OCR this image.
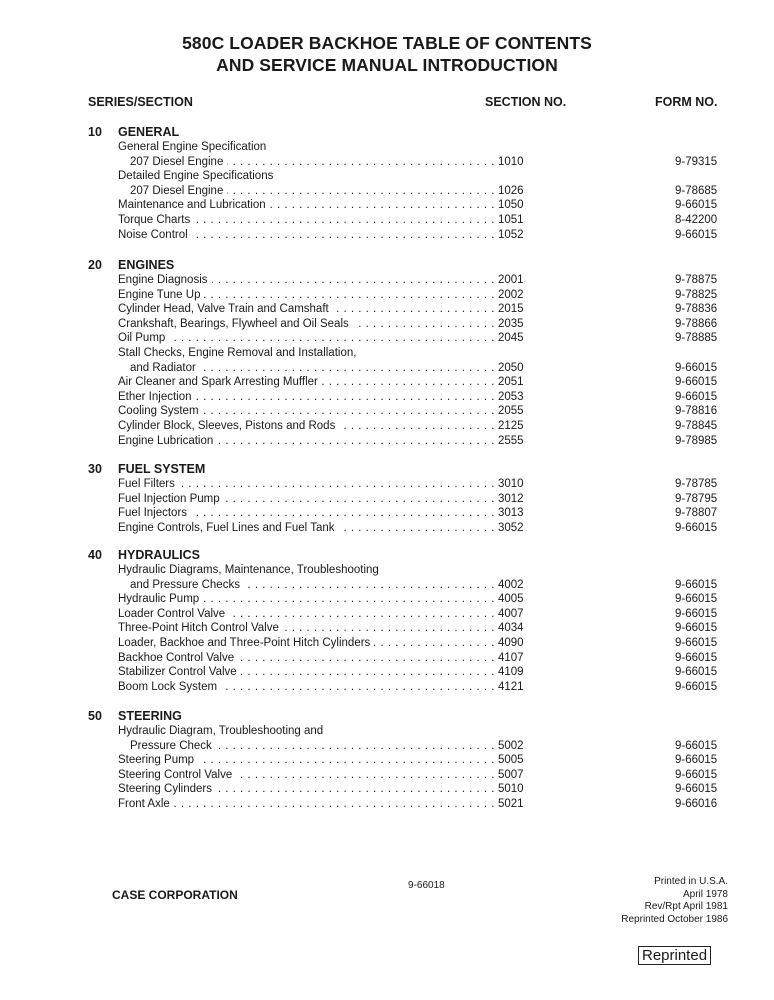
580C LOADER BACKHOE TABLE OF CONTENTS
AND SERVICE MANUAL INTRODUCTION
SERIES/SECTION	SECTION NO.	FORM NO.
10 GENERAL
General Engine Specification
207 Diesel Engine . . .	1010	9-79315
Detailed Engine Specifications
207 Diesel Engine . . .	1026	9-78685
Maintenance and Lubrication . . .	1050	9-66015
Torque Charts . . .	1051	8-42200
Noise Control . . .	1052	9-66015
20 ENGINES
Engine Diagnosis . . .	2001	9-78875
Engine Tune Up . . .	2002	9-78825
Cylinder Head, Valve Train and Camshaft . . .	2015	9-78836
Crankshaft, Bearings, Flywheel and Oil Seals . . .	2035	9-78866
Oil Pump . . .	2045	9-78885
Stall Checks, Engine Removal and Installation,
and Radiator . . .	2050	9-66015
Air Cleaner and Spark Arresting Muffler . . .	2051	9-66015
Ether Injection . . .	2053	9-66015
Cooling System . . .	2055	9-78816
Cylinder Block, Sleeves, Pistons and Rods . . .	2125	9-78845
Engine Lubrication . . .	2555	9-78985
30 FUEL SYSTEM
Fuel Filters . . .	3010	9-78785
Fuel Injection Pump . . .	3012	9-78795
Fuel Injectors . . .	3013	9-78807
Engine Controls, Fuel Lines and Fuel Tank . . .	3052	9-66015
40 HYDRAULICS
Hydraulic Diagrams, Maintenance, Troubleshooting
and Pressure Checks . . .	4002	9-66015
Hydraulic Pump . . .	4005	9-66015
Loader Control Valve . . .	4007	9-66015
Three-Point Hitch Control Valve . . .	4034	9-66015
Loader, Backhoe and Three-Point Hitch Cylinders . . .	4090	9-66015
Backhoe Control Valve . . .	4107	9-66015
Stabilizer Control Valve . . .	4109	9-66015
Boom Lock System . . .	4121	9-66015
50 STEERING
Hydraulic Diagram, Troubleshooting and
Pressure Check . . .	5002	9-66015
Steering Pump . . .	5005	9-66015
Steering Control Valve . . .	5007	9-66015
Steering Cylinders . . .	5010	9-66015
Front Axle . . .	5021	9-66016
CASE CORPORATION
9-66018	Printed in U.S.A.
April 1978
Rev/Rpt April 1981
Reprinted October 1986
Reprinted
